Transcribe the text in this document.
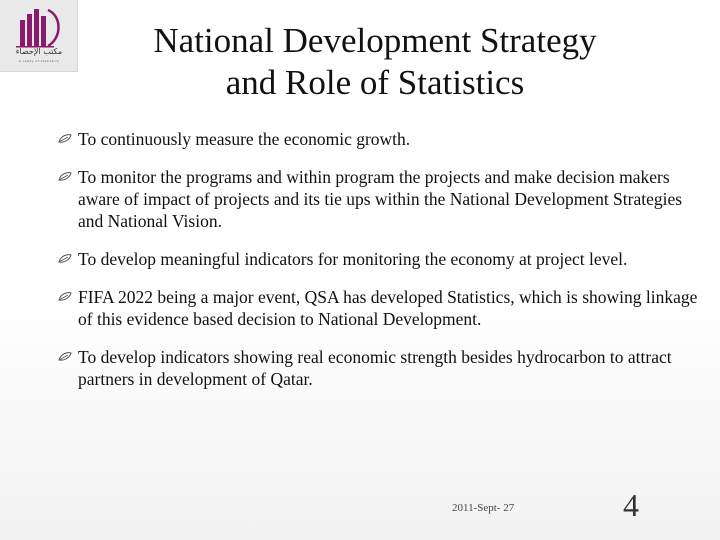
مكتب الإحصاء
A ready of statistics
National Development Strategy
and Role of Statistics
To continuously measure the economic growth.
To monitor the programs and within program the projects and make decision makers aware of impact of projects and its tie ups within the National Development Strategies and National Vision.
To develop meaningful indicators for monitoring the economy at project level.
FIFA 2022 being a major event, QSA has developed Statistics, which is showing linkage of this evidence based decision to National Development.
To develop indicators showing real economic strength besides hydrocarbon to attract partners in development of Qatar.
2011-Sept- 27	4
